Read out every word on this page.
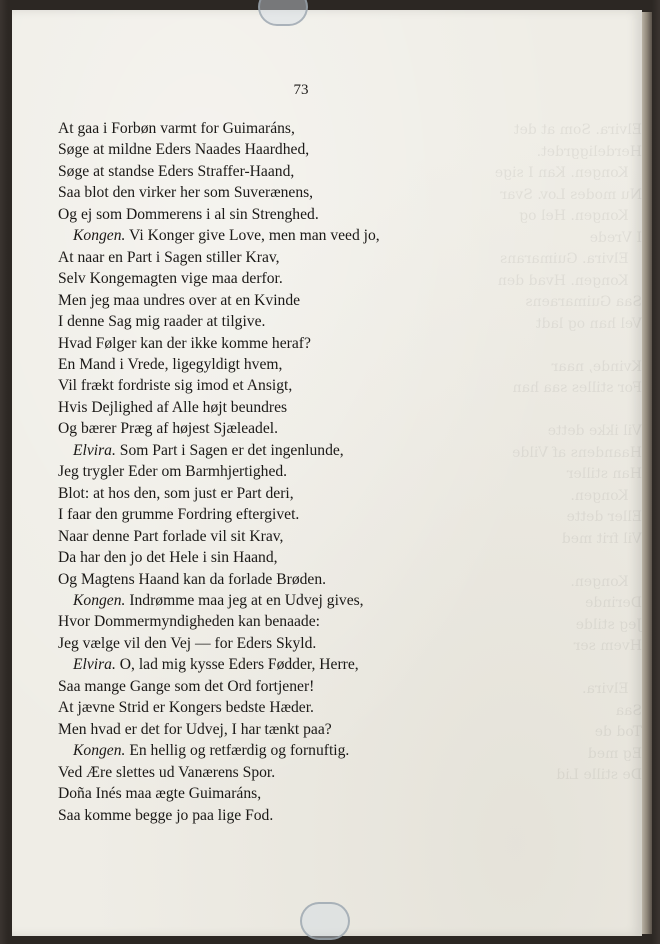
Elvira. Som at det
Herdeliggrdet.
Kongen. Kan I sige
Nu modes Lov. Svar
Kongen. Hel og
I Vrede
Elvira. Guimarans
Kongen. Hvad den
Saa Guimaraens
Vel han og ladt

Kvinde, naar
For stilles saa han

Vil ikke dette
Haandens af Vilde
Han stiller
Kongen.
Eller dette
Vil frit med

Kongen.
Derinde
Jeg stilde
Hvem ser

Elvira.
Saa
Tod de
Eg med
De stille Lid
73
At gaa i Forbøn varmt for Guimaráns,
Søge at mildne Eders Naades Haardhed,
Søge at standse Eders Straffer-Haand,
Saa blot den virker her som Suverænens,
Og ej som Dommerens i al sin Strenghed.
Kongen. Vi Konger give Love, men man veed jo,
At naar en Part i Sagen stiller Krav,
Selv Kongemagten vige maa derfor.
Men jeg maa undres over at en Kvinde
I denne Sag mig raader at tilgive.
Hvad Følger kan der ikke komme heraf?
En Mand i Vrede, ligegyldigt hvem,
Vil frækt fordriste sig imod et Ansigt,
Hvis Dejlighed af Alle højt beundres
Og bærer Præg af højest Sjæleadel.
Elvira. Som Part i Sagen er det ingenlunde,
Jeg trygler Eder om Barmhjertighed.
Blot: at hos den, som just er Part deri,
I faar den grumme Fordring eftergivet.
Naar denne Part forlade vil sit Krav,
Da har den jo det Hele i sin Haand,
Og Magtens Haand kan da forlade Brøden.
Kongen. Indrømme maa jeg at en Udvej gives,
Hvor Dommermyndigheden kan benaade:
Jeg vælge vil den Vej — for Eders Skyld.
Elvira. O, lad mig kysse Eders Fødder, Herre,
Saa mange Gange som det Ord fortjener!
At jævne Strid er Kongers bedste Hæder.
Men hvad er det for Udvej, I har tænkt paa?
Kongen. En hellig og retfærdig og fornuftig.
Ved Ære slettes ud Vanærens Spor.
Doña Inés maa ægte Guimaráns,
Saa komme begge jo paa lige Fod.
